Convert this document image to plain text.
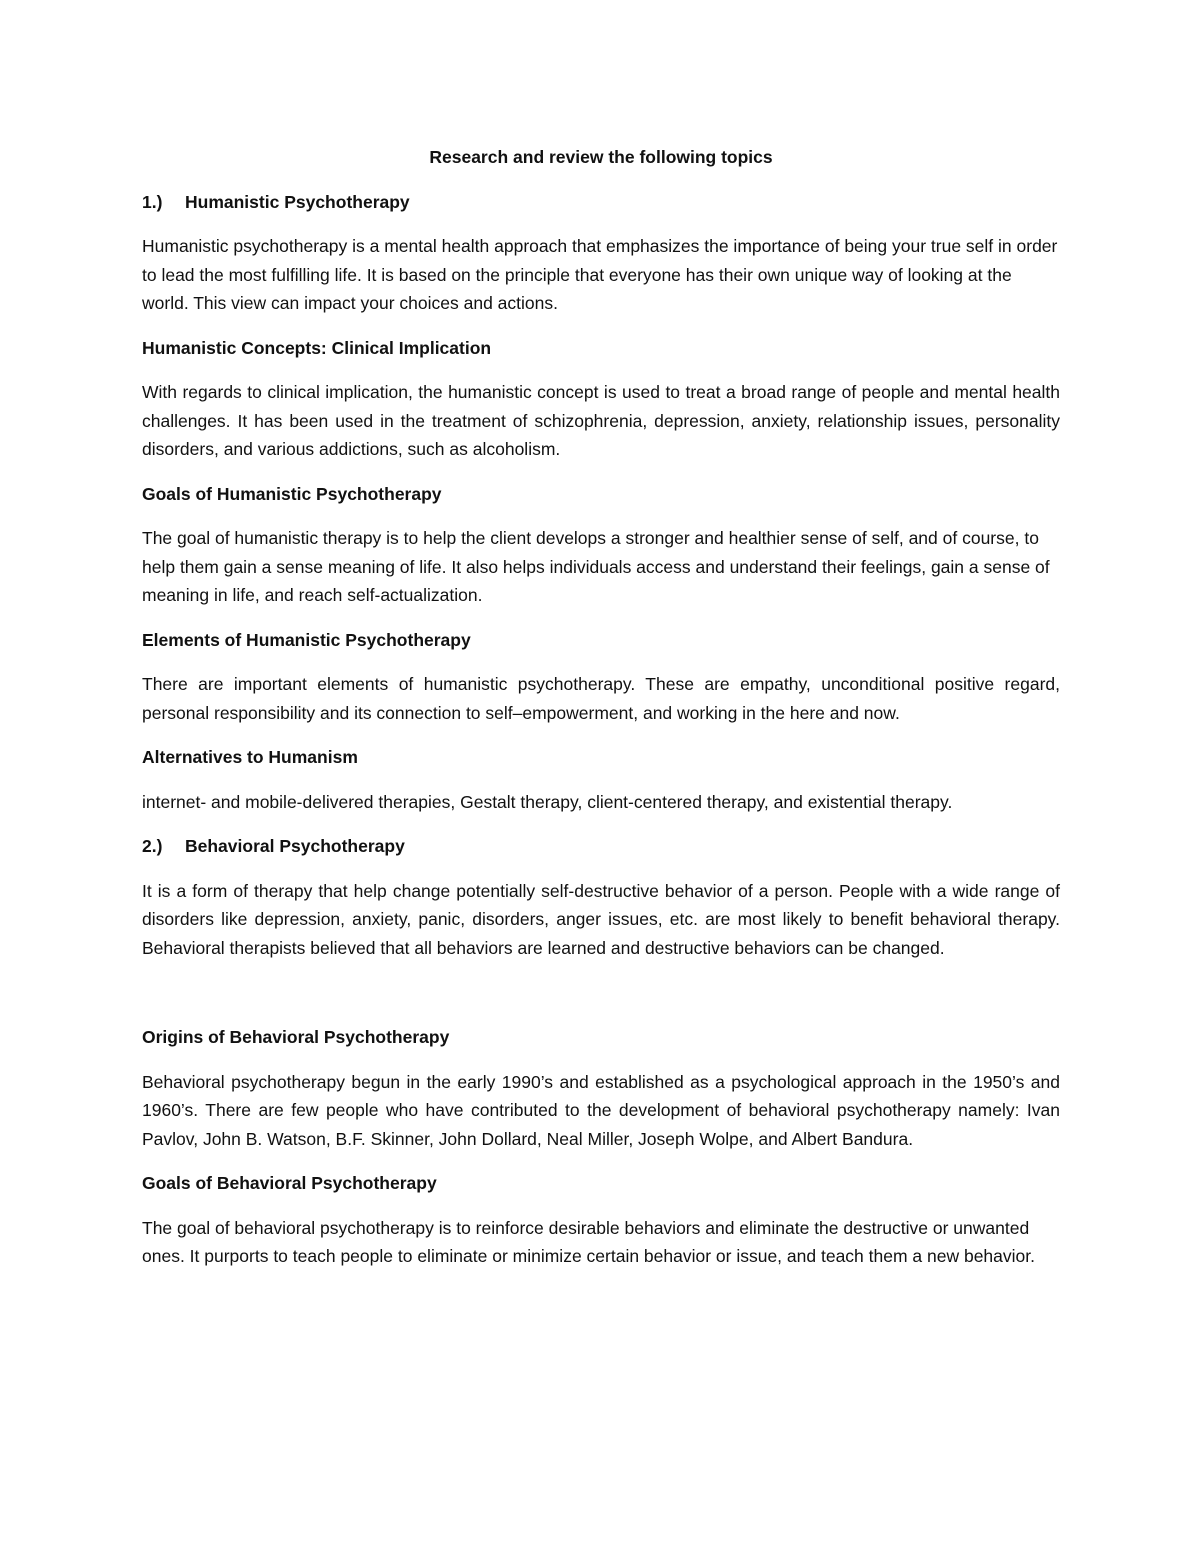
Research and review the following topics
1.)	Humanistic Psychotherapy

Humanistic psychotherapy is a mental health approach that emphasizes the importance of being your true self in order to lead the most fulfilling life. It is based on the principle that everyone has their own unique way of looking at the world. This view can impact your choices and actions.

Humanistic Concepts: Clinical Implication

With regards to clinical implication, the humanistic concept is used to treat a broad range of people and mental health challenges. It has been used in the treatment of schizophrenia, depression, anxiety, relationship issues, personality disorders, and various addictions, such as alcoholism.

Goals of Humanistic Psychotherapy

The goal of humanistic therapy is to help the client develops a stronger and healthier sense of self, and of course, to help them gain a sense meaning of life. It also helps individuals access and understand their feelings, gain a sense of meaning in life, and reach self-actualization.

Elements of Humanistic Psychotherapy

There are important elements of humanistic psychotherapy. These are empathy, unconditional positive regard, personal responsibility and its connection to self–empowerment, and working in the here and now.

Alternatives to Humanism

internet- and mobile-delivered therapies, Gestalt therapy, client-centered therapy, and existential therapy.

2.)	Behavioral Psychotherapy

It is a form of therapy that help change potentially self-destructive behavior of a person. People with a wide range of disorders like depression, anxiety, panic, disorders, anger issues, etc. are most likely to benefit behavioral therapy. Behavioral therapists believed that all behaviors are learned and destructive behaviors can be changed.

Origins of Behavioral Psychotherapy

Behavioral psychotherapy begun in the early 1990’s and established as a psychological approach in the 1950’s and 1960’s. There are few people who have contributed to the development of behavioral psychotherapy namely: Ivan Pavlov, John B. Watson, B.F. Skinner, John Dollard, Neal Miller, Joseph Wolpe, and Albert Bandura.

Goals of Behavioral Psychotherapy

The goal of behavioral psychotherapy is to reinforce desirable behaviors and eliminate the destructive or unwanted ones. It purports to teach people to eliminate or minimize certain behavior or issue, and teach them a new behavior.
